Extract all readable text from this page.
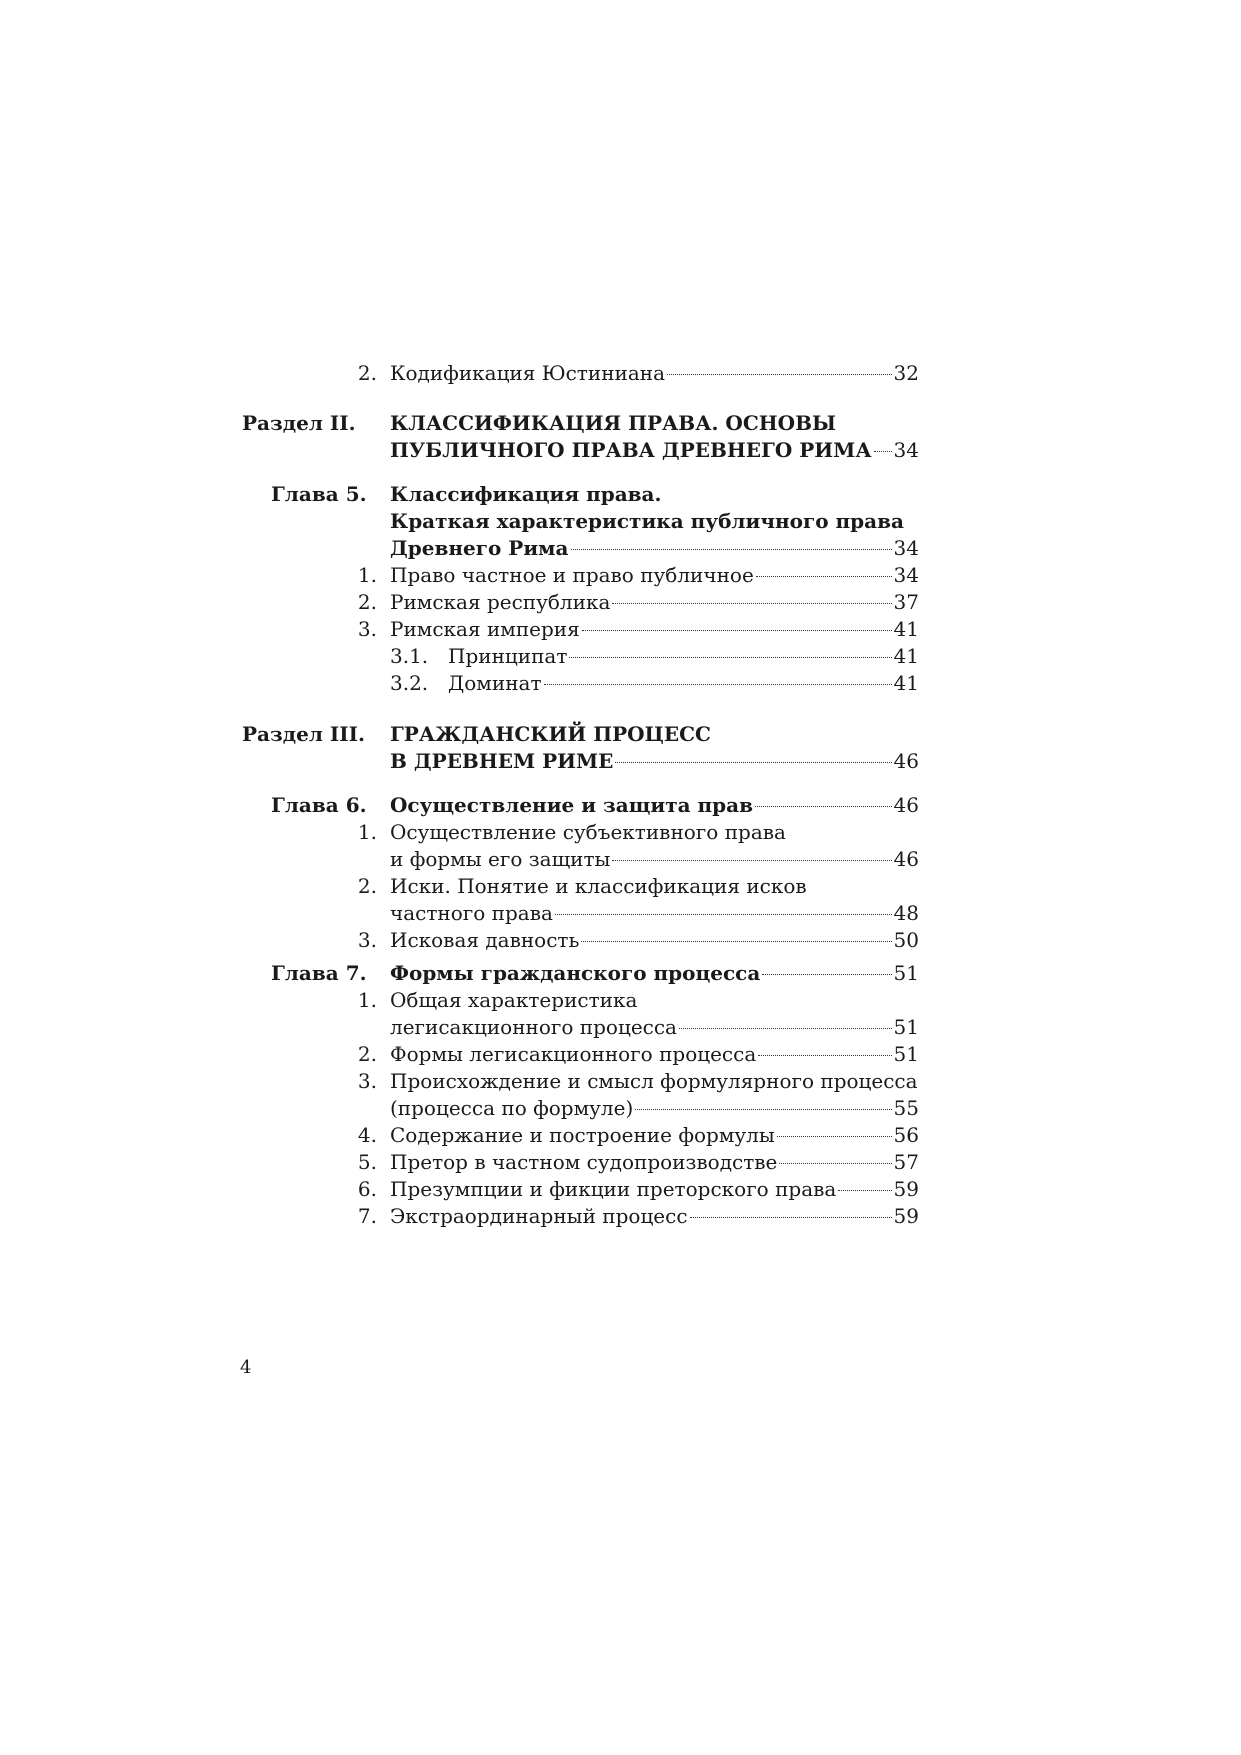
2. Кодификация Юстиниана	32
Раздел II. КЛАССИФИКАЦИЯ ПРАВА. ОСНОВЫ
ПУБЛИЧНОГО ПРАВА ДРЕВНЕГО РИМА 34
Глава 5. Классификация права.
Краткая характеристика публичного права
Древнего Рима	34
1. Право частное и право публичное	34
2. Римская республика	37
3. Римская империя	41
3.1. Принципат	41
3.2. Доминат	41
Раздел III. ГРАЖДАНСКИЙ ПРОЦЕСС
В ДРЕВНЕМ РИМЕ	46
Глава 6. Осуществление и защита прав	46
1. Осуществление субъективного права
и формы его защиты	46
2. Иски. Понятие и классификация исков
частного права	48
3. Исковая давность	50
Глава 7. Формы гражданского процесса	51
1. Общая характеристика
легисакционного процесса	51
2. Формы легисакционного процесса	51
3. Происхождение и смысл формулярного процесса
(процесса по формуле)	55
4. Содержание и построение формулы	56
5. Претор в частном судопроизводстве	57
6. Презумпции и фикции преторского права	59
7. Экстраординарный процесс	59
4
